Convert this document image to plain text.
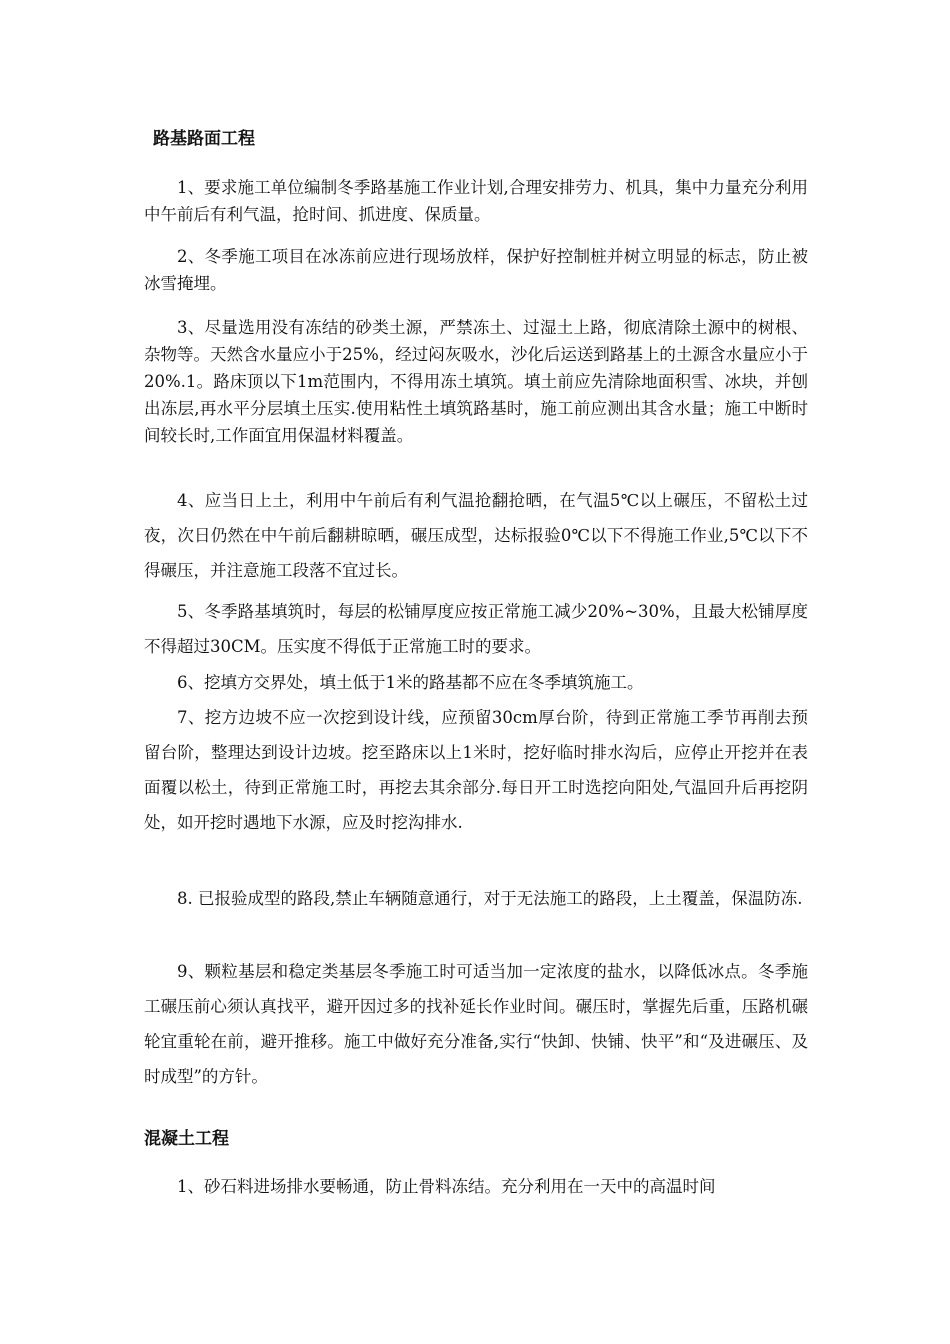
路基路面工程

1、要求施工单位编制冬季路基施工作业计划,合理安排劳力、机具，集中力量充分利用中午前后有利气温，抢时间、抓进度、保质量。

2、冬季施工项目在冰冻前应进行现场放样，保护好控制桩并树立明显的标志，防止被冰雪掩埋。

3、尽量选用没有冻结的砂类土源，严禁冻土、过湿土上路，彻底清除土源中的树根、杂物等。天然含水量应小于25%，经过闷灰吸水，沙化后运送到路基上的土源含水量应小于20%.1。路床顶以下1m范围内，不得用冻土填筑。填土前应先清除地面积雪、冰块，并刨出冻层,再水平分层填土压实.使用粘性土填筑路基时，施工前应测出其含水量；施工中断时间较长时,工作面宜用保温材料覆盖。

4、应当日上土，利用中午前后有利气温抢翻抢晒，在气温5℃以上碾压，不留松土过夜，次日仍然在中午前后翻耕晾晒，碾压成型，达标报验0℃以下不得施工作业,5℃以下不得碾压，并注意施工段落不宜过长。

5、冬季路基填筑时，每层的松铺厚度应按正常施工减少20%~30%，且最大松铺厚度不得超过30CM。压实度不得低于正常施工时的要求。

6、挖填方交界处，填土低于1米的路基都不应在冬季填筑施工。

7、挖方边坡不应一次挖到设计线，应预留30cm厚台阶，待到正常施工季节再削去预留台阶，整理达到设计边坡。挖至路床以上1米时，挖好临时排水沟后，应停止开挖并在表面覆以松土，待到正常施工时，再挖去其余部分.每日开工时选挖向阳处,气温回升后再挖阴处，如开挖时遇地下水源，应及时挖沟排水.

8. 已报验成型的路段,禁止车辆随意通行，对于无法施工的路段，上土覆盖，保温防冻.

9、颗粒基层和稳定类基层冬季施工时可适当加一定浓度的盐水，以降低冰点。冬季施工碾压前心须认真找平，避开因过多的找补延长作业时间。碾压时，掌握先后重，压路机碾轮宜重轮在前，避开推移。施工中做好充分准备,实行“快卸、快铺、快平”和“及进碾压、及时成型”的方针。

混凝土工程

1、砂石料进场排水要畅通，防止骨料冻结。充分利用在一天中的高温时间
